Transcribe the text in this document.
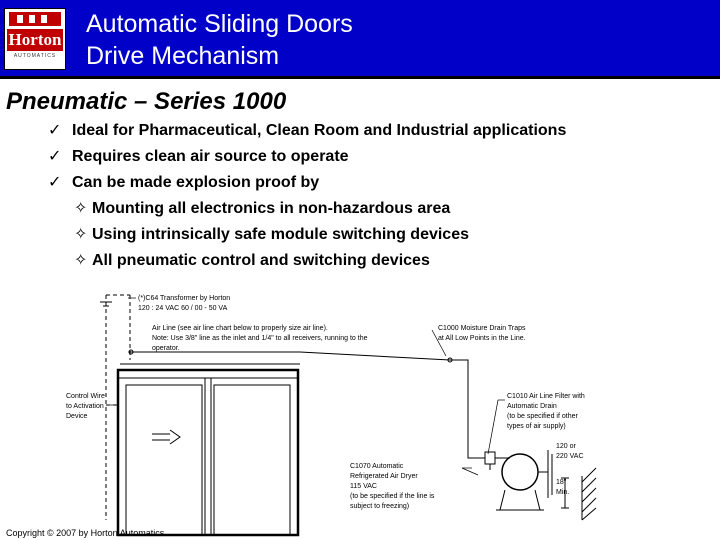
Horton
AUTOMATICS
Automatic Sliding Doors
Drive Mechanism
Pneumatic – Series 1000
✓ Ideal for Pharmaceutical, Clean Room and Industrial applications
✓ Requires clean air source to operate
✓ Can be made explosion proof by
✧ Mounting all electronics in non-hazardous area
✧ Using intrinsically safe module switching devices
✧ All pneumatic control and switching devices
(*)C64 Transformer by Horton 120 : 24 VAC 60 / 00 - 50 VA
Air Line (see air line chart below to properly size air line). Note: Use 3/8" line as the inlet and 1/4" to all receivers, running to the operator.
C1000 Moisture Drain Traps at All Low Points in the Line.
Control Wire to Activation Device
C1010 Air Line Filter with Automatic Drain (to be specified if other types of air supply)
120 or 220 VAC
C1070 Automatic Refrigerated Air Dryer 115 VAC (to be specified if the line is subject to freezing)
18" Min.
Copyright © 2007 by Horton Automatics
